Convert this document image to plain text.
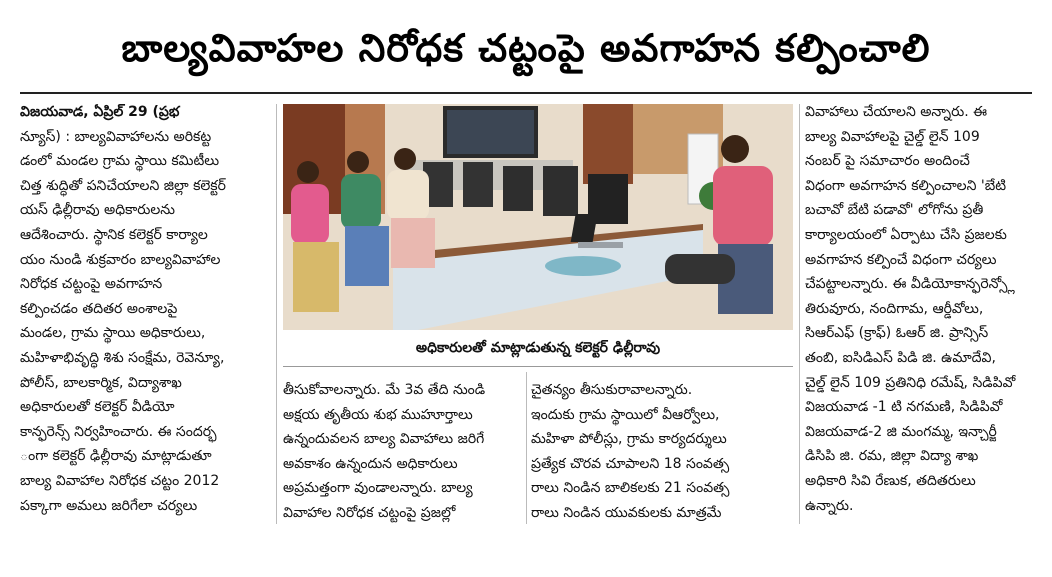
బాల్యవివాహల నిరోధక చట్టంపై అవగాహన కల్పించాలి
విజయవాడ, ఏప్రిల్ 29 (ప్రభ
న్యూస్) : బాల్యవివాహాలను అరికట్ట
డంలో మండల గ్రామ స్థాయి కమిటీలు
చిత్త శుద్ధితో పనిచేయాలని జిల్లా కలెక్టర్
యస్ ఢిల్లీరావు అధికారులను
ఆదేశించారు. స్థానిక కలెక్టర్ కార్యాల
యం నుండి శుక్రవారం బాల్యవివాహాల
నిరోధక చట్టంపై అవగాహన
కల్పించడం తదితర అంశాలపై
మండల, గ్రామ స్థాయి అధికారులు,
మహిళాభివృద్ధి శిశు సంక్షేమ, రెవెన్యూ,
పోలీస్, బాలకార్మిక, విద్యాశాఖ
అధికారులతో కలెక్టర్ వీడియో
కాన్ఫరెన్స్ నిర్వహించారు. ఈ సందర్భ
ంగా కలెక్టర్ ఢిల్లీరావు మాట్లాడుతూ
బాల్య వివాహాల నిరోధక చట్టం 2012
పక్కాగా అమలు జరిగేలా చర్యలు
అధికారులతో మాట్లాడుతున్న కలెక్టర్ ఢిల్లీరావు
తీసుకోవాలన్నారు. మే 3వ తేది నుండి
అక్షయ తృతీయ శుభ ముహూర్తాలు
ఉన్నందువలన బాల్య వివాహాలు జరిగే
అవకాశం ఉన్నందున అధికారులు
అప్రమత్తంగా వుండాలన్నారు. బాల్య
వివాహాల నిరోధక చట్టంపై ప్రజల్లో
చైతన్యం తీసుకురావాలన్నారు.
ఇందుకు గ్రామ స్థాయిలో వీఆర్వోలు,
మహిళా పోలీస్లు, గ్రామ కార్యదర్శులు
ప్రత్యేక చొరవ చూపాలని 18 సంవత్స
రాలు నిండిన బాలికలకు 21 సంవత్స
రాలు నిండిన యువకులకు మాత్రమే
వివాహాలు చేయాలని అన్నారు. ఈ
బాల్య వివాహాలపై చైల్డ్ లైన్ 109
నంబర్ పై సమాచారం అందించే
విధంగా అవగాహన కల్పించాలని 'బేటి
బచావో బేటి పడావో' లోగోను ప్రతీ
కార్యాలయంలో ఏర్పాటు చేసి ప్రజలకు
అవగాహన కల్పించే విధంగా చర్యలు
చేపట్టాలన్నారు. ఈ వీడియోకాన్ఫరెన్స్లో
తిరువూరు, నందిగామ, ఆర్డీవోలు,
సిఆర్ఎఫ్ (క్రాఫ్) ఓఆర్ జి. ప్రాన్సిస్
తంబి, ఐసిడిఎస్ పిడి జి. ఉమాదేవి,
చైల్డ్ లైన్ 109 ప్రతినిధి రమేష్, సిడిపివో
విజయవాడ -1 టి నగమణి, సిడిపివో
విజయవాడ-2 జి మంగమ్మ, ఇన్చార్జీ
డిసిపి జి. రమ, జిల్లా విద్యా శాఖ
అధికారి సివి రేణుక, తదితరులు
ఉన్నారు.
